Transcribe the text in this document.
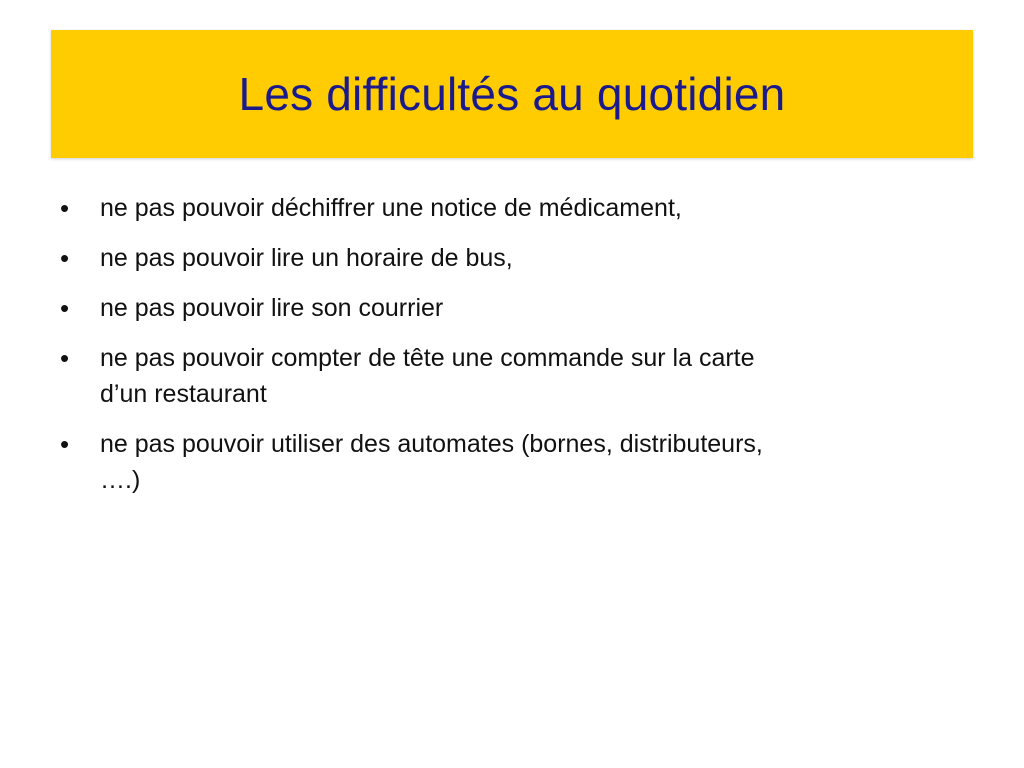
Les difficultés au quotidien
•	ne pas pouvoir déchiffrer une notice de médicament,
•	ne pas pouvoir lire un horaire de bus,
•	ne pas pouvoir lire son courrier
•	ne pas pouvoir compter de tête une commande sur la carte
d’un restaurant
•	ne pas pouvoir utiliser des automates (bornes, distributeurs,
….)
